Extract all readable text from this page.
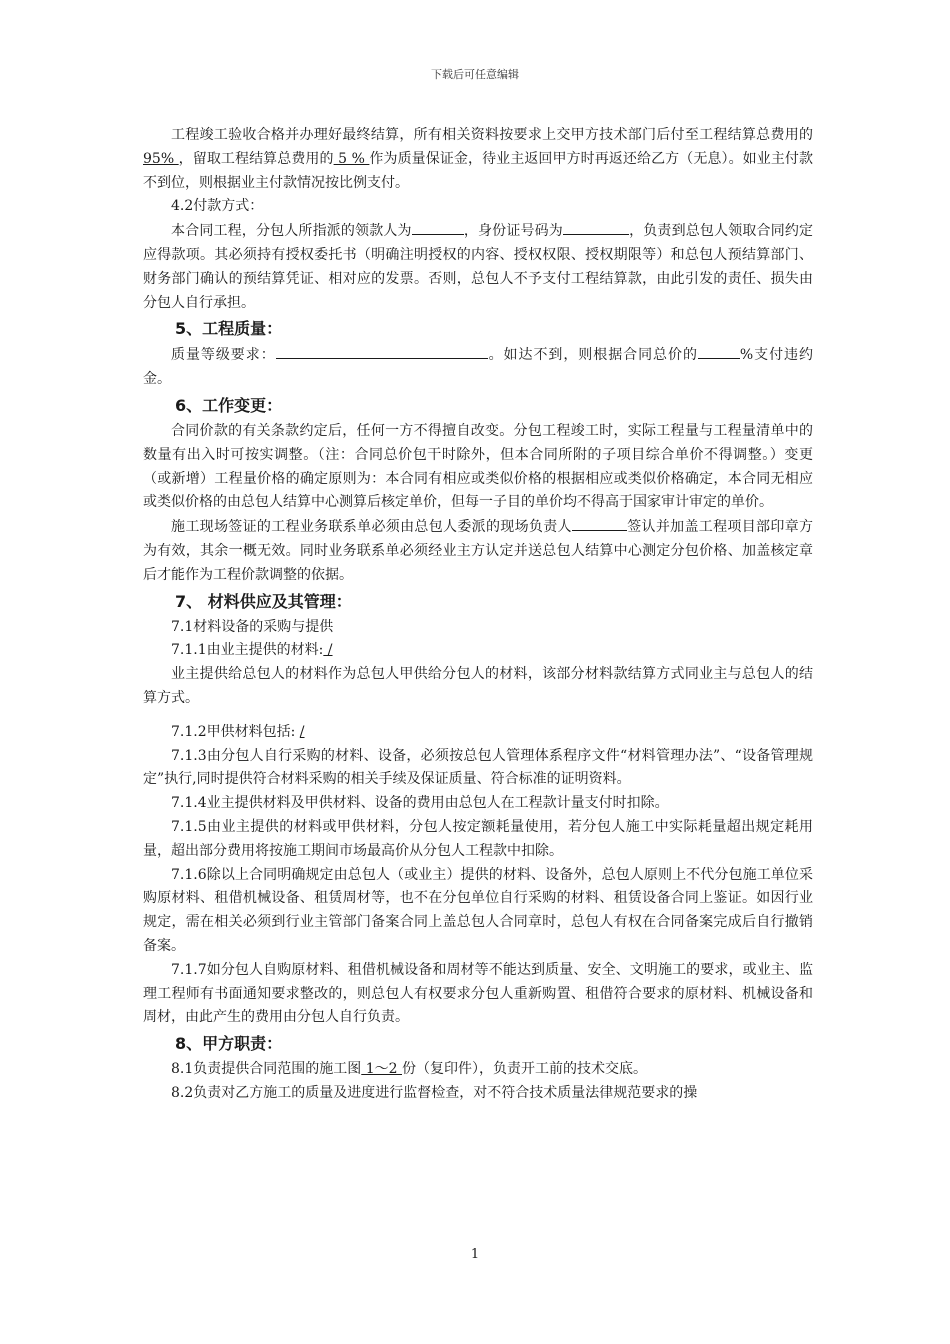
下载后可任意编辑

工程竣工验收合格并办理好最终结算，所有相关资料按要求上交甲方技术部门后付至工程结算总费用的 95% ，留取工程结算总费用的 5 % 作为质量保证金，待业主返回甲方时再返还给乙方（无息）。如业主付款不到位，则根据业主付款情况按比例支付。

4.2付款方式：

本合同工程，分包人所指派的领款人为	，身份证号码为	，负责到总包人领取合同约定应得款项。其必须持有授权委托书（明确注明授权的内容、授权权限、授权期限等）和总包人预结算部门、财务部门确认的预结算凭证、相对应的发票。否则，总包人不予支付工程结算款，由此引发的责任、损失由分包人自行承担。

5、工程质量：

质量等级要求：	。如达不到，则根据合同总价的	%支付违约金。

6、工作变更：

合同价款的有关条款约定后，任何一方不得擅自改变。分包工程竣工时，实际工程量与工程量清单中的数量有出入时可按实调整。（注：合同总价包干时除外，但本合同所附的子项目综合单价不得调整。）变更（或新增）工程量价格的确定原则为：本合同有相应或类似价格的根据相应或类似价格确定，本合同无相应或类似价格的由总包人结算中心测算后核定单价，但每一子目的单价均不得高于国家审计审定的单价。

施工现场签证的工程业务联系单必须由总包人委派的现场负责人	签认并加盖工程项目部印章方为有效，其余一概无效。同时业务联系单必须经业主方认定并送总包人结算中心测定分包价格、加盖核定章后才能作为工程价款调整的依据。

7、 材料供应及其管理：

7.1材料设备的采购与提供

7.1.1由业主提供的材料: /

业主提供给总包人的材料作为总包人甲供给分包人的材料，该部分材料款结算方式同业主与总包人的结算方式。

7.1.2甲供材料包括: /

7.1.3由分包人自行采购的材料、设备，必须按总包人管理体系程序文件“材料管理办法”、“设备管理规定”执行,同时提供符合材料采购的相关手续及保证质量、符合标准的证明资料。

7.1.4业主提供材料及甲供材料、设备的费用由总包人在工程款计量支付时扣除。

7.1.5由业主提供的材料或甲供材料，分包人按定额耗量使用，若分包人施工中实际耗量超出规定耗用量，超出部分费用将按施工期间市场最高价从分包人工程款中扣除。

7.1.6除以上合同明确规定由总包人（或业主）提供的材料、设备外，总包人原则上不代分包施工单位采购原材料、租借机械设备、租赁周材等，也不在分包单位自行采购的材料、租赁设备合同上鉴证。如因行业规定，需在相关必须到行业主管部门备案合同上盖总包人合同章时，总包人有权在合同备案完成后自行撤销备案。

7.1.7如分包人自购原材料、租借机械设备和周材等不能达到质量、安全、文明施工的要求，或业主、监理工程师有书面通知要求整改的，则总包人有权要求分包人重新购置、租借符合要求的原材料、机械设备和周材，由此产生的费用由分包人自行负责。

8、甲方职责：

8.1负责提供合同范围的施工图 1～2 份（复印件），负责开工前的技术交底。

8.2负责对乙方施工的质量及进度进行监督检查，对不符合技术质量法律规范要求的操

1
